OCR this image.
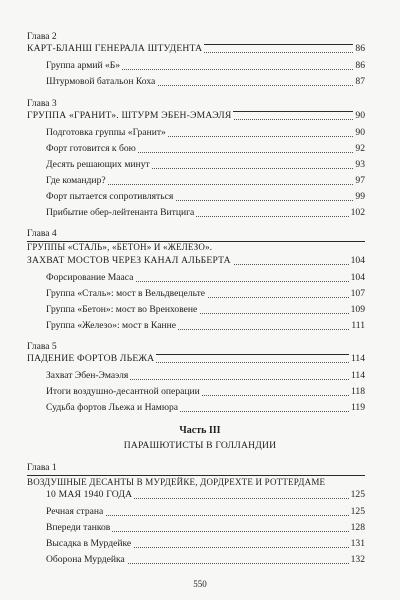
Глава 2
КАРТ-БЛАНШ ГЕНЕРАЛА ШТУДЕНТА	86
Группа армий «Б»	86
Штурмовой батальон Коха	87
Глава 3
ГРУППА «ГРАНИТ». ШТУРМ ЭБЕН-ЭМАЭЛЯ	90
Подготовка группы «Гранит»	90
Форт готовится к бою	92
Десять решающих минут	93
Где командир?	97
Форт пытается сопротивляться	99
Прибытие обер-лейтенанта Витцига	102
Глава 4
ГРУППЫ «СТАЛЬ», «БЕТОН» И «ЖЕЛЕЗО».
ЗАХВАТ МОСТОВ ЧЕРЕЗ КАНАЛ АЛЬБЕРТА	104
Форсирование Мааса	104
Группа «Сталь»: мост в Вельдвецельте	107
Группа «Бетон»: мост во Вренховене	109
Группа «Железо»: мост в Канне	111
Глава 5
ПАДЕНИЕ ФОРТОВ ЛЬЕЖА	114
Захват Эбен-Эмаэля	114
Итоги воздушно-десантной операции	118
Судьба фортов Льежа и Намюра	119
Часть III
ПАРАШЮТИСТЫ В ГОЛЛАНДИИ
Глава 1
ВОЗДУШНЫЕ ДЕСАНТЫ В МУРДЕЙКЕ, ДОРДРЕХТЕ И РОТТЕРДАМЕ
10 МАЯ 1940 ГОДА	125
Речная страна	125
Впереди танков	128
Высадка в Мурдейке	131
Оборона Мурдейка	132
550
